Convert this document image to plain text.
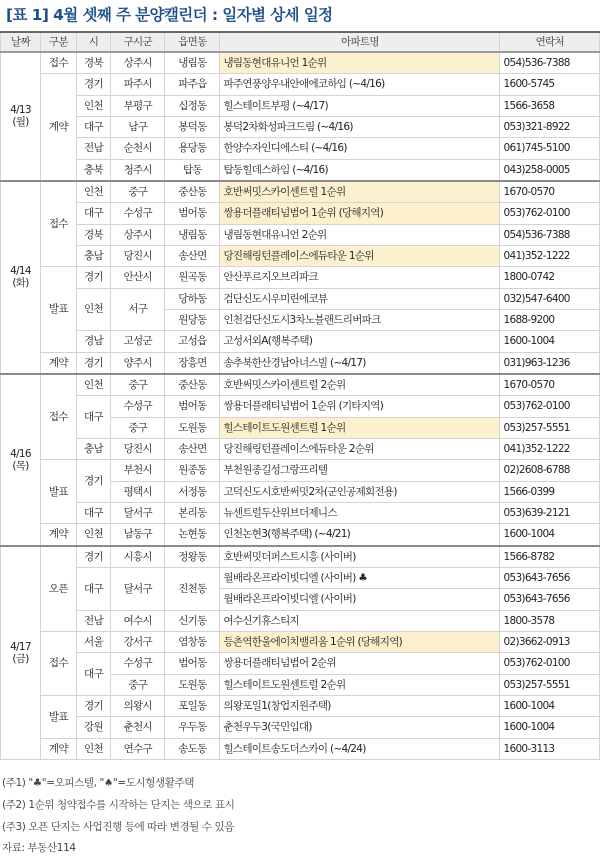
[표 1] 4월 셋째 주 분양캘린더 : 일자별 상세 일정
날짜	구분	시	구시군	읍면동	아파트명	연락처
4/13
(월)	접수	경북	상주시	냉림동	냉림동현대유니언 1순위	054)536-7388
	계약	경기	파주시	파주읍	파주연풍양우내안애에코하임 (~4/16)	1600-5745
		인천	부평구	십정동	힐스테이트부평 (~4/17)	1566-3658
		대구	남구	봉덕동	봉덕2차화성파크드림 (~4/16)	053)321-8922
		전남	순천시	용당동	한양수자인디에스티 (~4/16)	061)745-5100
		충북	청주시	탑동	탑동힐데스하임 (~4/16)	043)258-0005
4/14
(화)	접수	인천	중구	중산동	호반써밋스카이센트럴 1순위	1670-0570
		대구	수성구	범어동	쌍용더플래티넘범어 1순위 (당해지역)	053)762-0100
		경북	상주시	냉림동	냉림동현대유니언 2순위	054)536-7388
		충남	당진시	송산면	당진해링턴플레이스에듀타운 1순위	041)352-1222
	발표	경기	안산시	원곡동	안산푸르지오브리파크	1800-0742
		인천	서구	당하동	검단신도시우미린에코뷰	032)547-6400
				원당동	인천검단신도시3차노블랜드리버파크	1688-9200
		경남	고성군	고성읍	고성서외A(행복주택)	1600-1004
	계약	경기	양주시	장흥면	송추북한산경남아너스빌 (~4/17)	031)963-1236
4/16
(목)	접수	인천	중구	중산동	호반써밋스카이센트럴 2순위	1670-0570
		대구	수성구	범어동	쌍용더플래티넘범어 1순위 (기타지역)	053)762-0100
			중구	도원동	힐스테이트도원센트럴 1순위	053)257-5551
		충남	당진시	송산면	당진해링턴플레이스에듀타운 2순위	041)352-1222
	발표	경기	부천시	원종동	부천원종길성그랑프리텔	02)2608-6788
			평택시	서정동	고덕신도시호반써밋2차(군인공제회전용)	1566-0399
		대구	달서구	본리동	뉴센트럴두산위브더제니스	053)639-2121
	계약	인천	남동구	논현동	인천논현3(행복주택) (~4/21)	1600-1004
4/17
(금)	오픈	경기	시흥시	정왕동	호반써밋더퍼스트시흥 (사이버)	1566-8782
		대구	달서구	진천동	월배라온프라이빗디엘 (사이버) ♣	053)643-7656
					월배라온프라이빗디엘 (사이버)	053)643-7656
		전남	여수시	신기동	여수신기휴스티지	1800-3578
	접수	서울	강서구	염창동	등촌역한울에이치밸리움 1순위 (당해지역)	02)3662-0913
		대구	수성구	범어동	쌍용더플래티넘범어 2순위	053)762-0100
			중구	도원동	힐스테이트도원센트럴 2순위	053)257-5551
	발표	경기	의왕시	포일동	의왕포일1(창업지원주택)	1600-1004
		강원	춘천시	우두동	춘천우두3(국민임대)	1600-1004
	계약	인천	연수구	송도동	힐스테이트송도더스카이 (~4/24)	1600-3113
(주1) "♣"=오피스텔, "♠"=도시형생활주택
(주2) 1순위 청약접수를 시작하는 단지는 색으로 표시
(주3) 오픈 단지는 사업진행 등에 따라 변경될 수 있음
자료: 부동산114
